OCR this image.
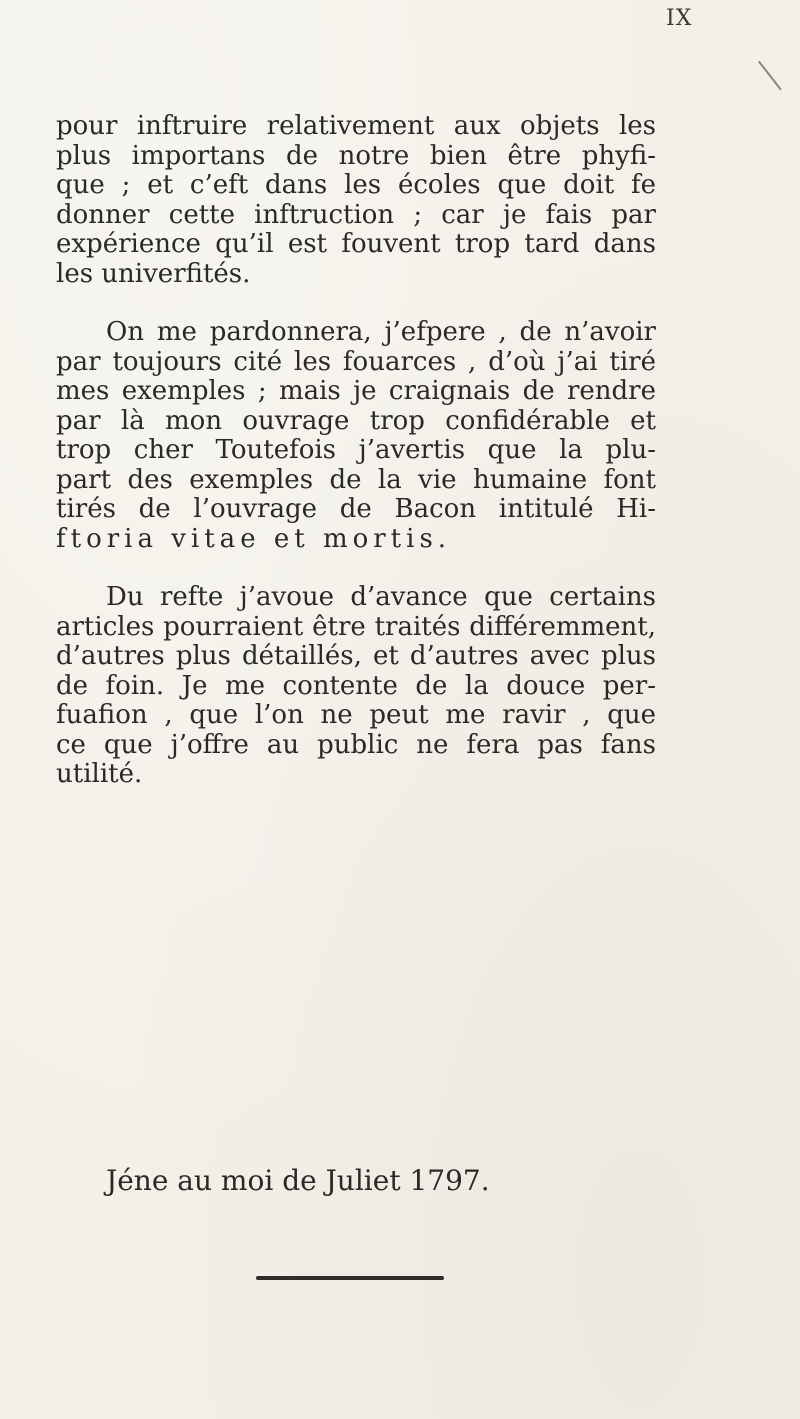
IX

pour inftruire relativement aux objets les
plus importans de notre bien être phyfi-
que ; et c’eft dans les écoles que doit fe
donner cette inftruction ; car je fais par
expérience qu’il est fouvent trop tard dans
les univerfités.

On me pardonnera, j’efpere , de n’avoir
par toujours cité les fouarces , d’où j’ai tiré
mes exemples ; mais je craignais de rendre
par là mon ouvrage trop confidérable et
trop cher Toutefois j’avertis que la plu-
part des exemples de la vie humaine font
tirés de l’ouvrage de Bacon intitulé Hi-
ftoria vitae et mortis.

Du refte j’avoue d’avance que certains
articles pourraient être traités différemment,
d’autres plus détaillés, et d’autres avec plus
de foin. Je me contente de la douce per-
fuafion , que l’on ne peut me ravir , que
ce que j’offre au public ne fera pas fans
utilité.

Jéne au moi de Juliet 1797.
